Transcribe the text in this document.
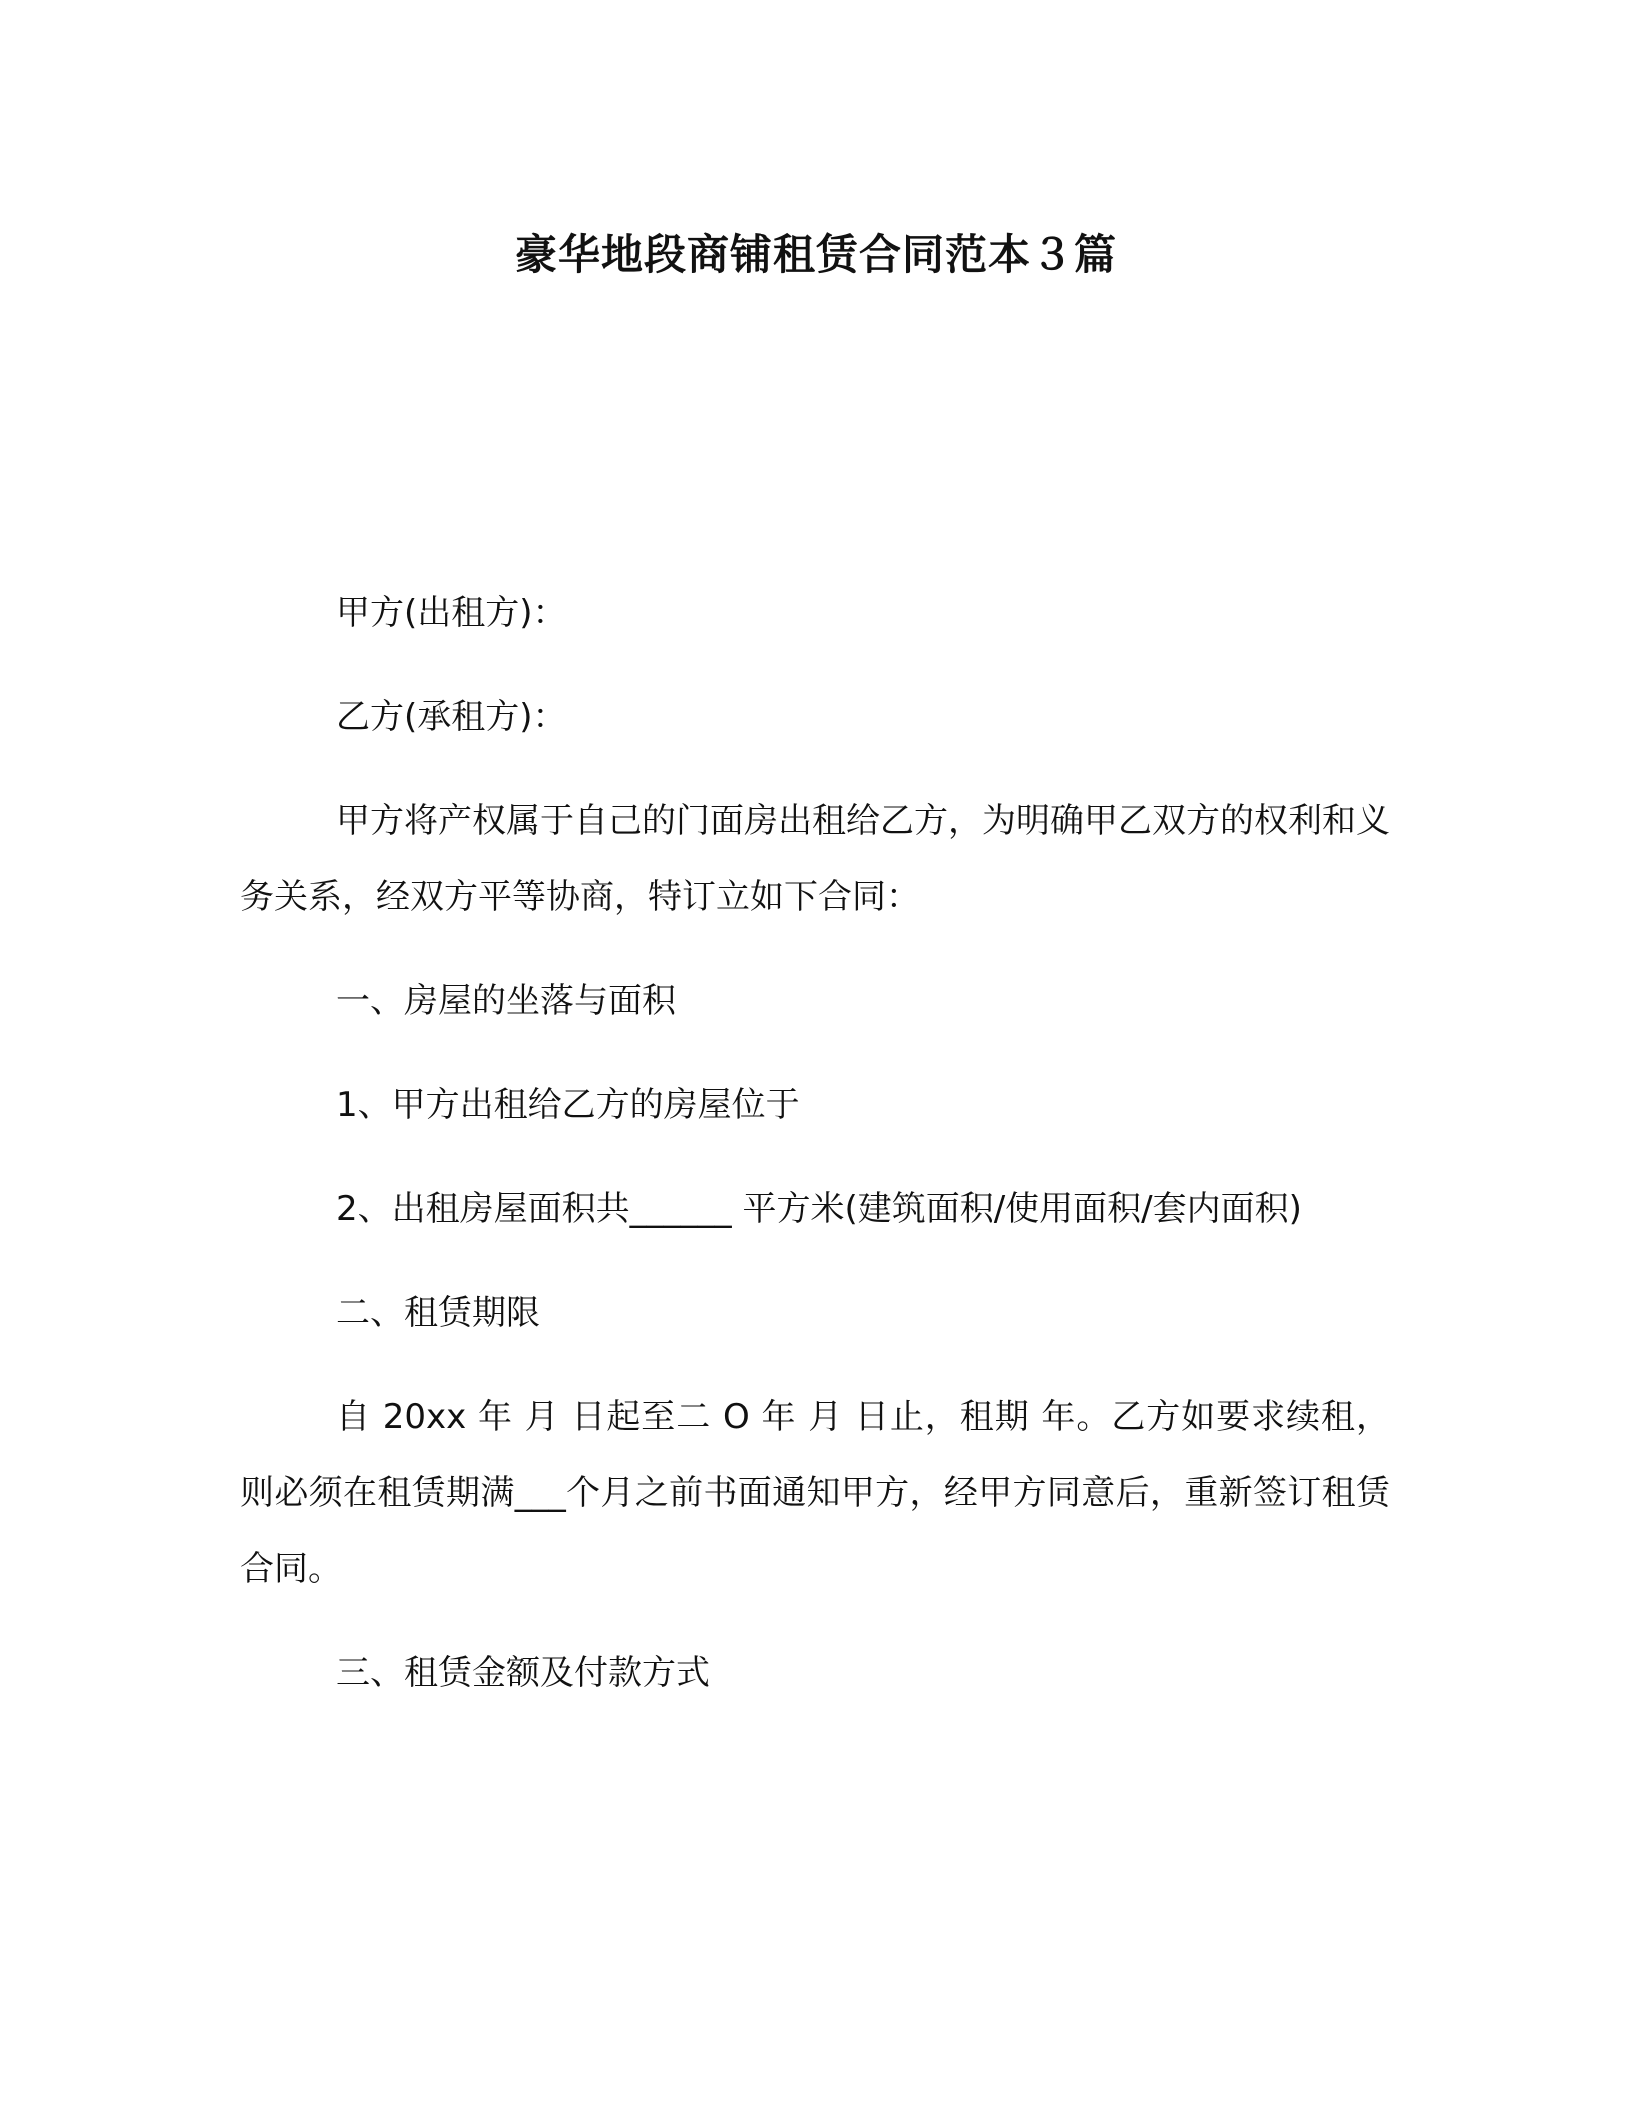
豪华地段商铺租赁合同范本３篇

甲方(出租方)：

乙方(承租方)：

甲方将产权属于自己的门面房出租给乙方，为明确甲乙双方的权利和义务关系，经双方平等协商，特订立如下合同：

一、房屋的坐落与面积

1、甲方出租给乙方的房屋位于

2、出租房屋面积共______ 平方米(建筑面积/使用面积/套内面积)

二、租赁期限

自 20xx 年 月 日起至二 O 年 月 日止，租期 年。乙方如要求续租，则必须在租赁期满___个月之前书面通知甲方，经甲方同意后，重新签订租赁合同。

三、租赁金额及付款方式
